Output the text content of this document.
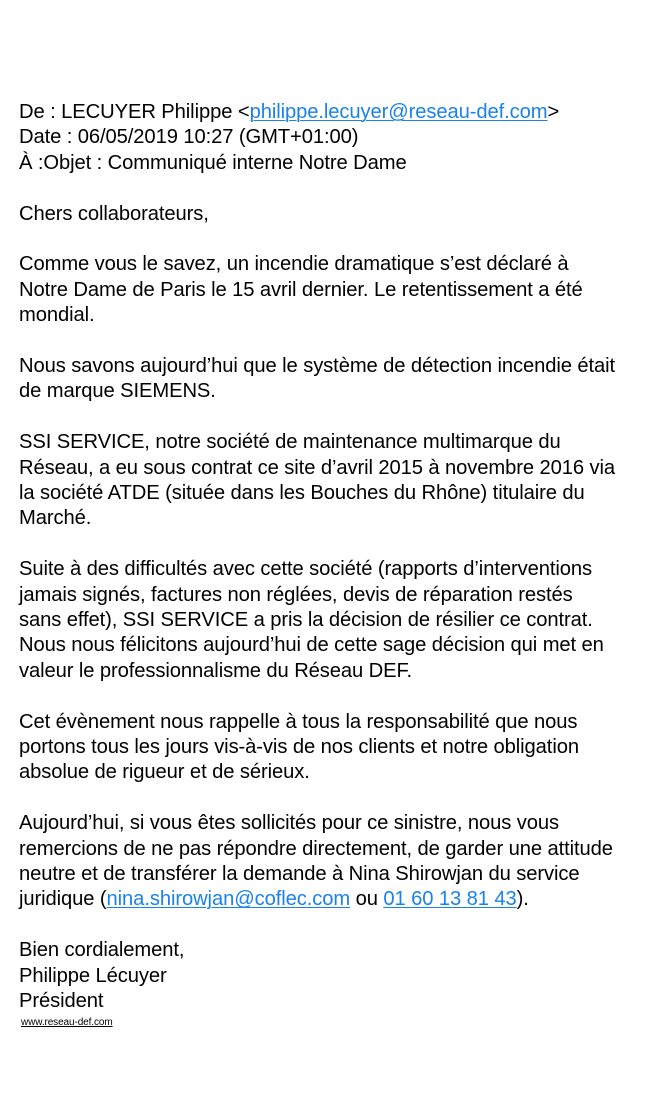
De : LECUYER Philippe <philippe.lecuyer@reseau-def.com>
Date : 06/05/2019 10:27 (GMT+01:00)
À :Objet : Communiqué interne Notre Dame
Chers collaborateurs,
Comme vous le savez, un incendie dramatique s’est déclaré à
Notre Dame de Paris le 15 avril dernier. Le retentissement a été
mondial.
Nous savons aujourd’hui que le système de détection incendie était
de marque SIEMENS.
SSI SERVICE, notre société de maintenance multimarque du
Réseau, a eu sous contrat ce site d’avril 2015 à novembre 2016 via
la société ATDE (située dans les Bouches du Rhône) titulaire du
Marché.
Suite à des difficultés avec cette société (rapports d’interventions
jamais signés, factures non réglées, devis de réparation restés
sans effet), SSI SERVICE a pris la décision de résilier ce contrat.
Nous nous félicitons aujourd’hui de cette sage décision qui met en
valeur le professionnalisme du Réseau DEF.
Cet évènement nous rappelle à tous la responsabilité que nous
portons tous les jours vis-à-vis de nos clients et notre obligation
absolue de rigueur et de sérieux.
Aujourd’hui, si vous êtes sollicités pour ce sinistre, nous vous
remercions de ne pas répondre directement, de garder une attitude
neutre et de transférer la demande à Nina Shirowjan du service
juridique (nina.shirowjan@coflec.com ou 01 60 13 81 43).
Bien cordialement,
Philippe Lécuyer
Président
www.reseau-def.com
